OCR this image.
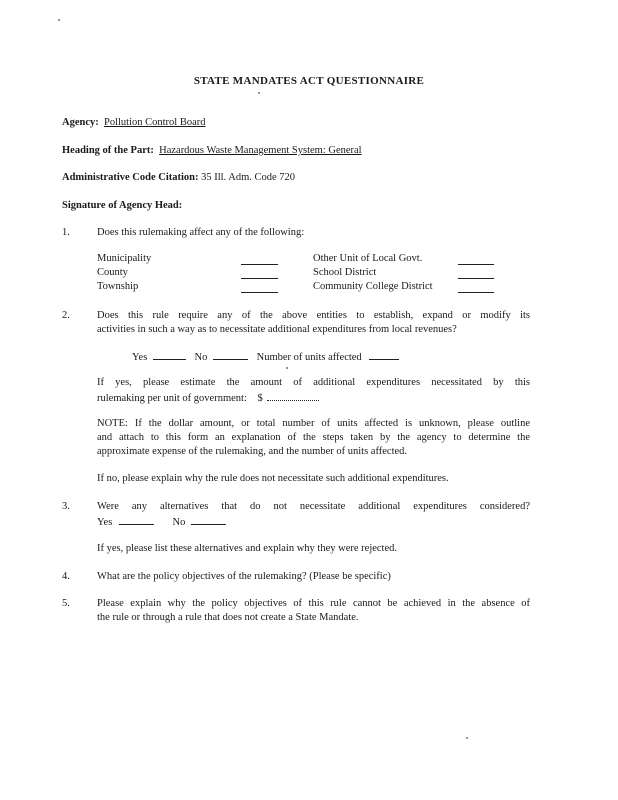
STATE MANDATES ACT QUESTIONNAIRE

Agency: Pollution Control Board

Heading of the Part: Hazardous Waste Management System: General

Administrative Code Citation: 35 Ill. Adm. Code 720

Signature of Agency Head:

1.	Does this rulemaking affect any of the following:

Municipality	Other Unit of Local Govt.

County	School District

Township	Community College District

2.	Does this rule require any of the above entities to establish, expand or modify its

activities in such a way as to necessitate additional expenditures from local revenues?

Yes	No	Number of units affected

If yes, please estimate the amount of additional expenditures necessitated by this

rulemaking per unit of government: $

NOTE: If the dollar amount, or total number of units affected is unknown, please outline

and attach to this form an explanation of the steps taken by the agency to determine the

approximate expense of the rulemaking, and the number of units affected.

If no, please explain why the rule does not necessitate such additional expenditures.

3.	Were any alternatives that do not necessitate additional expenditures considered?

Yes	No

If yes, please list these alternatives and explain why they were rejected.

4.	What are the policy objectives of the rulemaking? (Please be specific)

5.	Please explain why the policy objectives of this rule cannot be achieved in the absence of

the rule or through a rule that does not create a State Mandate.
